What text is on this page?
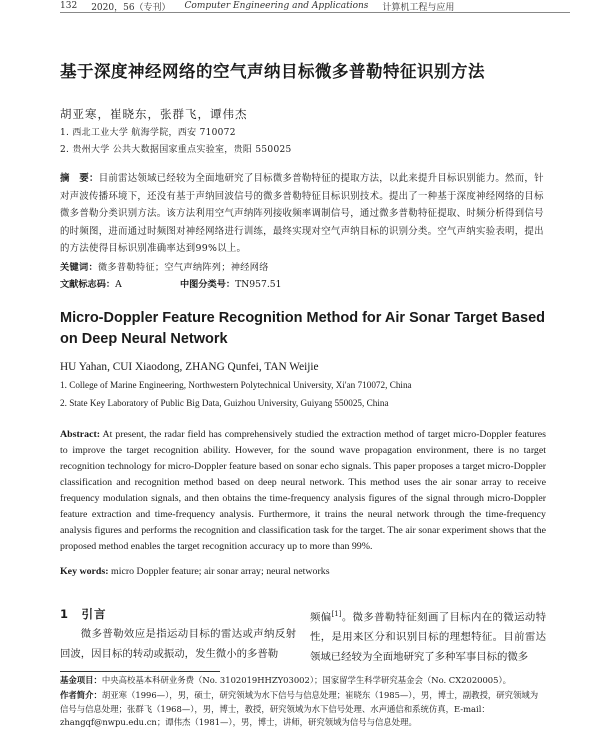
132 2020，56（专刊） Computer Engineering and Applications 计算机工程与应用
基于深度神经网络的空气声纳目标微多普勒特征识别方法
胡亚寒，崔晓东，张群飞，谭伟杰
1. 西北工业大学 航海学院，西安 710072
2. 贵州大学 公共大数据国家重点实验室，贵阳 550025
摘　要：目前雷达领域已经较为全面地研究了目标微多普勒特征的提取方法，以此来提升目标识别能力。然而，针对声波传播环境下，还没有基于声纳回波信号的微多普勒特征目标识别技术。提出了一种基于深度神经网络的目标微多普勒分类识别方法。该方法利用空气声纳阵列接收频率调制信号，通过微多普勒特征提取、时频分析得到信号的时频图，进而通过时频图对神经网络进行训练，最终实现对空气声纳目标的识别分类。空气声纳实验表明，提出的方法使得目标识别准确率达到99%以上。
关键词：微多普勒特征；空气声纳阵列；神经网络
文献标志码：A	中图分类号：TN957.51
Micro-Doppler Feature Recognition Method for Air Sonar Target Based on Deep Neural Network
HU Yahan, CUI Xiaodong, ZHANG Qunfei, TAN Weijie
1. College of Marine Engineering, Northwestern Polytechnical University, Xi'an 710072, China
2. State Key Laboratory of Public Big Data, Guizhou University, Guiyang 550025, China
Abstract: At present, the radar field has comprehensively studied the extraction method of target micro-Doppler features to improve the target recognition ability. However, for the sound wave propagation environment, there is no target recognition technology for micro-Doppler feature based on sonar echo signals. This paper proposes a target micro-Doppler classification and recognition method based on deep neural network. This method uses the air sonar array to receive frequency modulation signals, and then obtains the time-frequency analysis figures of the signal through micro-Doppler feature extraction and time-frequency analysis. Furthermore, it trains the neural network through the time-frequency analysis figures and performs the recognition and classification task for the target. The air sonar experiment shows that the proposed method enables the target recognition accuracy up to more than 99%.
Key words: micro Doppler feature; air sonar array; neural networks
1　引言
微多普勒效应是指运动目标的雷达或声纳反射回波，因目标的转动或振动，发生微小的多普勒
频偏[1]。微多普勒特征刻画了目标内在的微运动特性，是用来区分和识别目标的理想特征。目前雷达领域已经较为全面地研究了多种军事目标的微多
基金项目：中央高校基本科研业务费（No. 3102019HHZY03002）；国家留学生科学研究基金会（No. CX2020005）。
作者简介：胡亚寒（1996—），男，硕士，研究领域为水下信号与信息处理；崔晓东（1985—），男，博士，副教授，研究领域为信号与信息处理；张群飞（1968—），男，博士，教授，研究领域为水下信号处理、水声通信和系统仿真，E-mail：zhangqf@nwpu.edu.cn；谭伟杰（1981—），男，博士，讲师，研究领域为信号与信息处理。
